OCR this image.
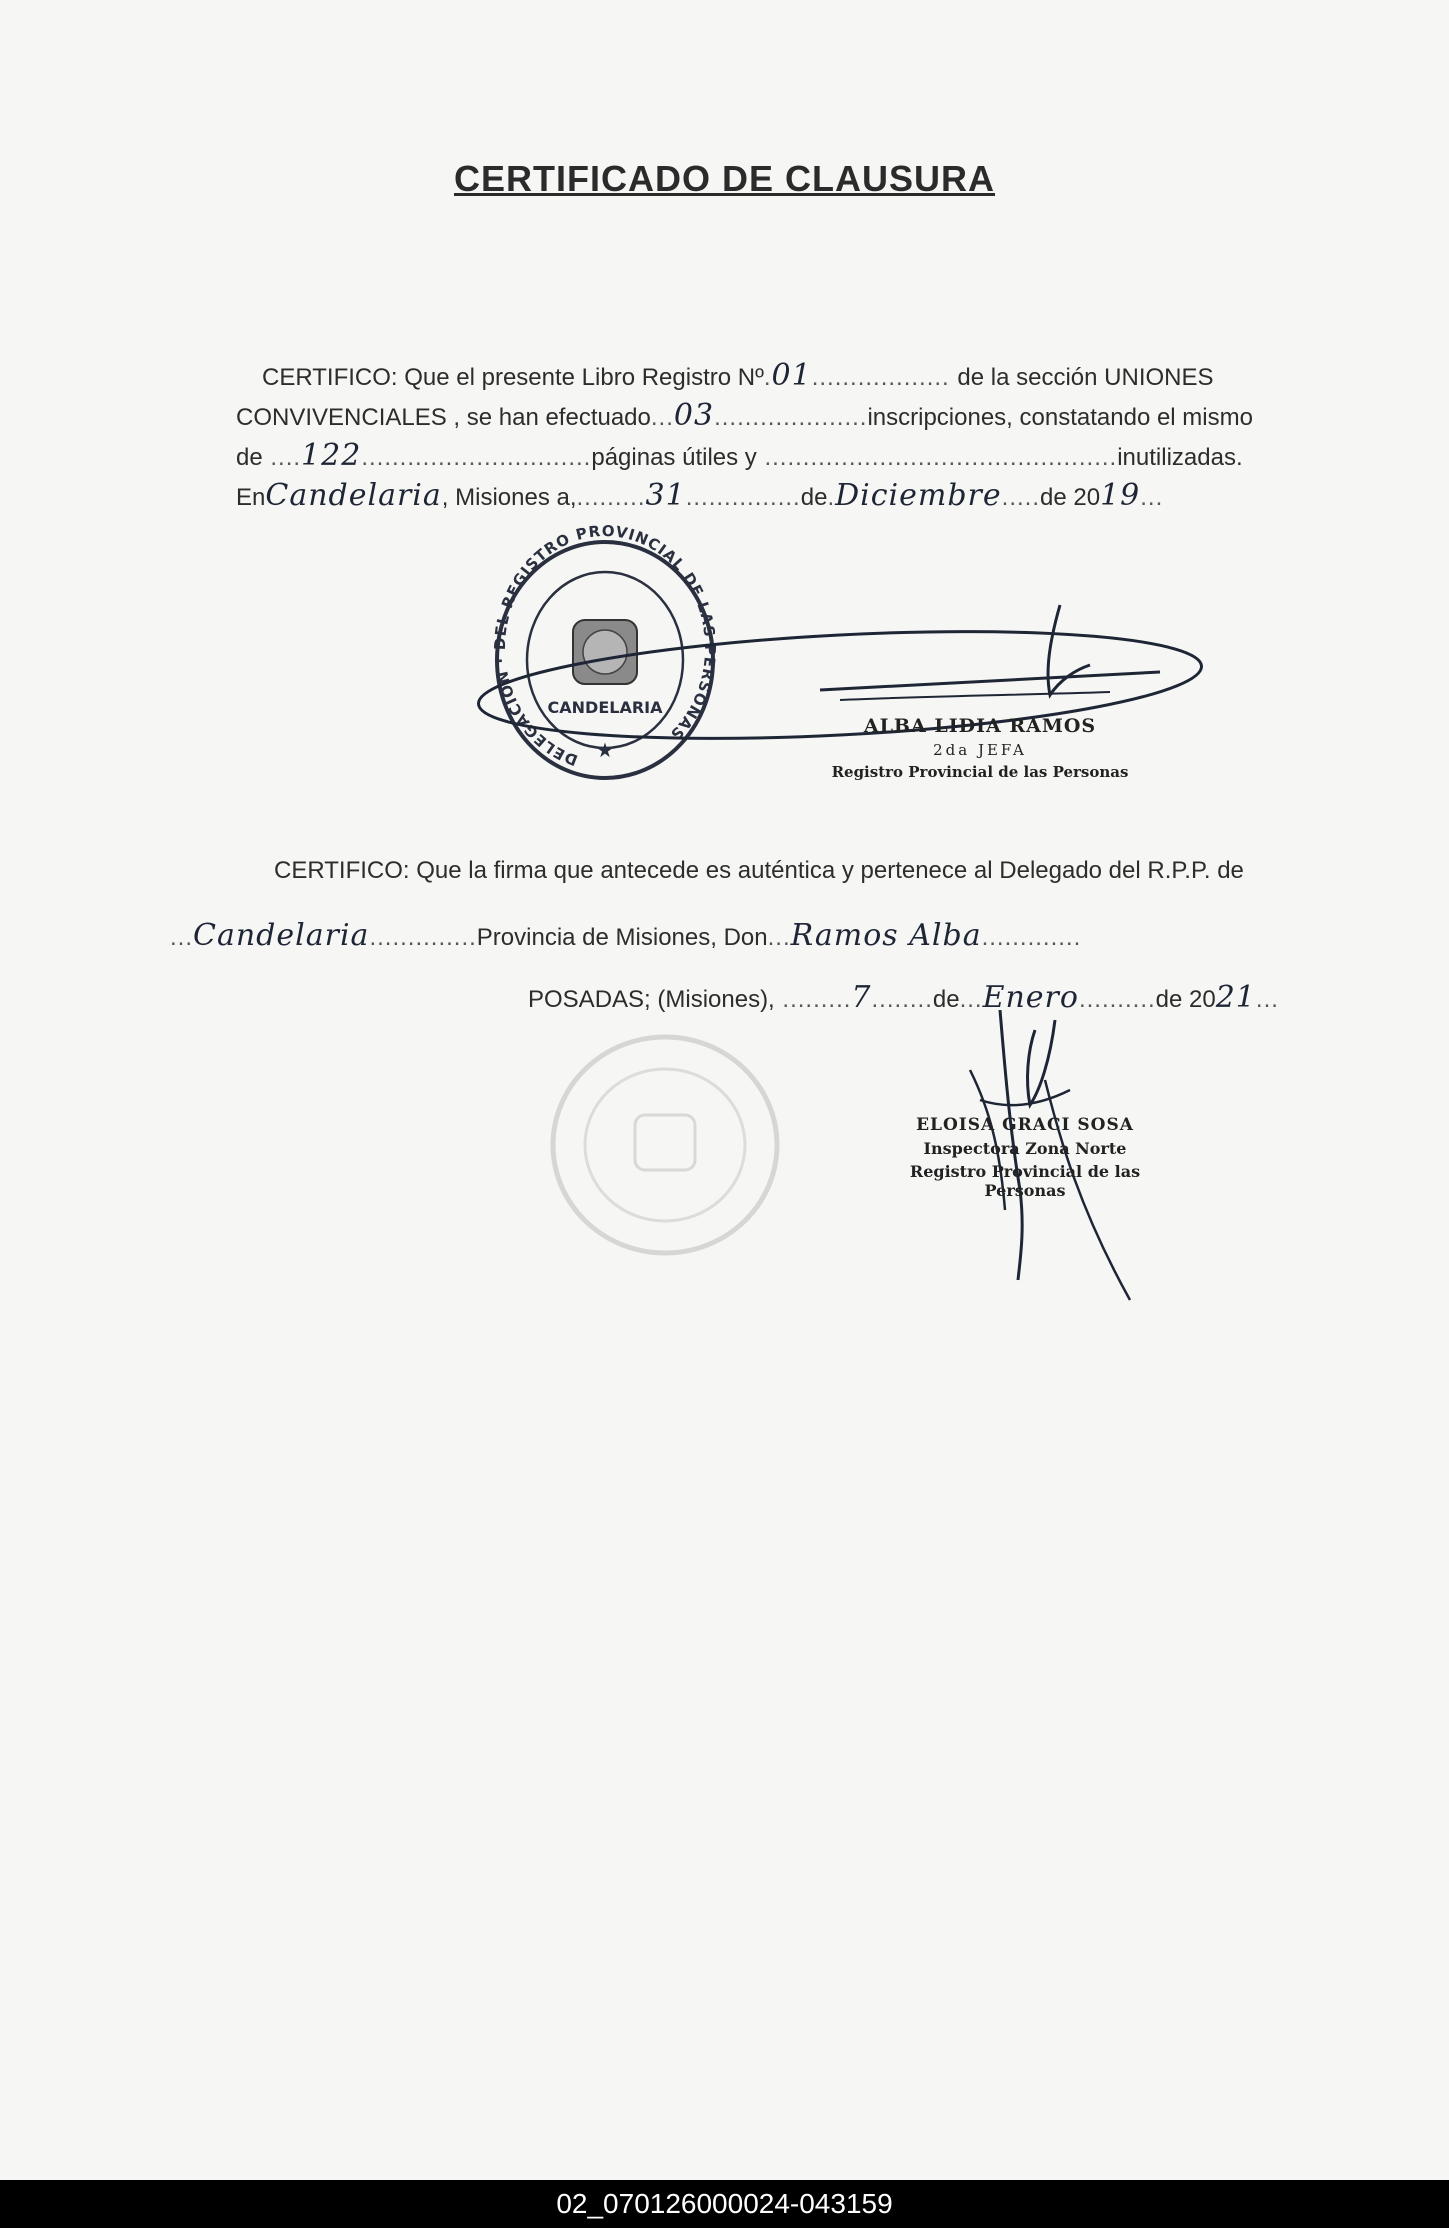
CERTIFICADO DE CLAUSURA
CERTIFICO: Que el presente Libro Registro Nº.01.................. de la sección UNIONES
CONVIVENCIALES , se han efectuado...03....................inscripciones, constatando el mismo
de ....122..............................páginas útiles y ..............................................inutilizadas.
EnCandelaria, Misiones a,.........31...............de.Diciembre.....de 2019...
DELEGACION · DEL REGISTRO PROVINCIAL DE LAS PERSONAS
CANDELARIA
★
ALBA LIDIA RAMOS
2da JEFA
Registro Provincial de las Personas
CERTIFICO: Que la firma que antecede es auténtica y pertenece al Delegado del R.P.P. de
...Candelaria..............Provincia de Misiones, Don...Ramos Alba.............
POSADAS; (Misiones), .........7........de...Enero..........de 2021...
ELOISA GRACI SOSA
Inspectora Zona Norte
Registro Provincial de las Personas
02_070126000024-043159
